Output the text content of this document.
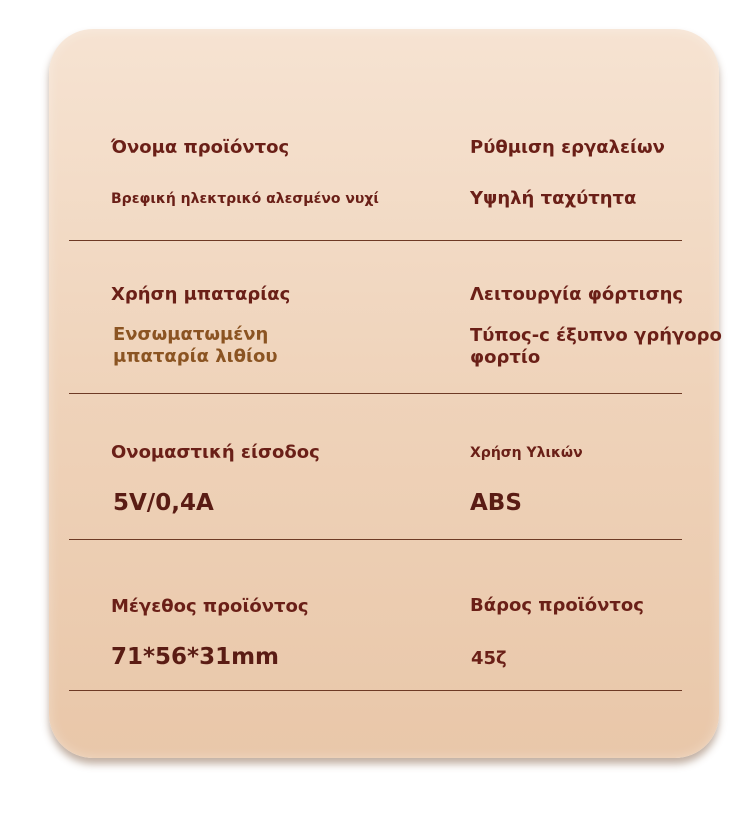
Όνομα προϊόντος
Βρεφική ηλεκτρικό αλεσμένο νυχί
Ρύθμιση εργαλείων
Υψηλή ταχύτητα
Χρήση μπαταρίας
Ενσωματωμένη
μπαταρία λιθίου
Λειτουργία φόρτισης
Τύπος-c έξυπνο γρήγορο
φορτίο
Ονομαστική είσοδος
5V/0,4A
Χρήση Υλικών
ABS
Μέγεθος προϊόντος
71*56*31mm
Βάρος προϊόντος
45ζ
